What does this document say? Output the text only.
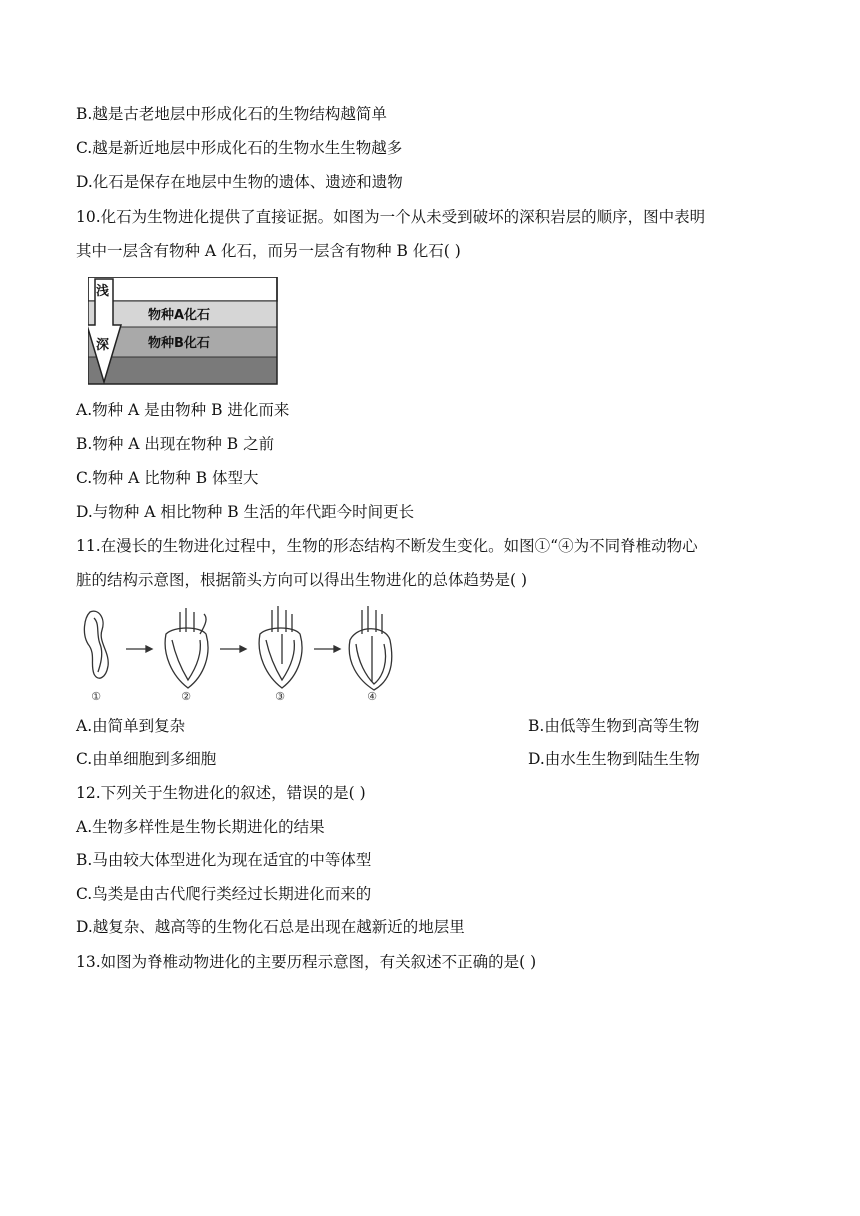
B.越是古老地层中形成化石的生物结构越简单
C.越是新近地层中形成化石的生物水生生物越多
D.化石是保存在地层中生物的遗体、遗迹和遗物
10.化石为生物进化提供了直接证据。如图为一个从未受到破坏的深积岩层的顺序，图中表明
其中一层含有物种 A 化石，而另一层含有物种 B 化石( )
浅
深
物种A化石
物种B化石
A.物种 A 是由物种 B 进化而来
B.物种 A 出现在物种 B 之前
C.物种 A 比物种 B 体型大
D.与物种 A 相比物种 B 生活的年代距今时间更长
11.在漫长的生物进化过程中，生物的形态结构不断发生变化。如图①“④为不同脊椎动物心
脏的结构示意图，根据箭头方向可以得出生物进化的总体趋势是( )
①	②	③	④
A.由简单到复杂	B.由低等生物到高等生物
C.由单细胞到多细胞	D.由水生生物到陆生生物
12.下列关于生物进化的叙述，错误的是( )
A.生物多样性是生物长期进化的结果
B.马由较大体型进化为现在适宜的中等体型
C.鸟类是由古代爬行类经过长期进化而来的
D.越复杂、越高等的生物化石总是出现在越新近的地层里
13.如图为脊椎动物进化的主要历程示意图，有关叙述不正确的是( )
